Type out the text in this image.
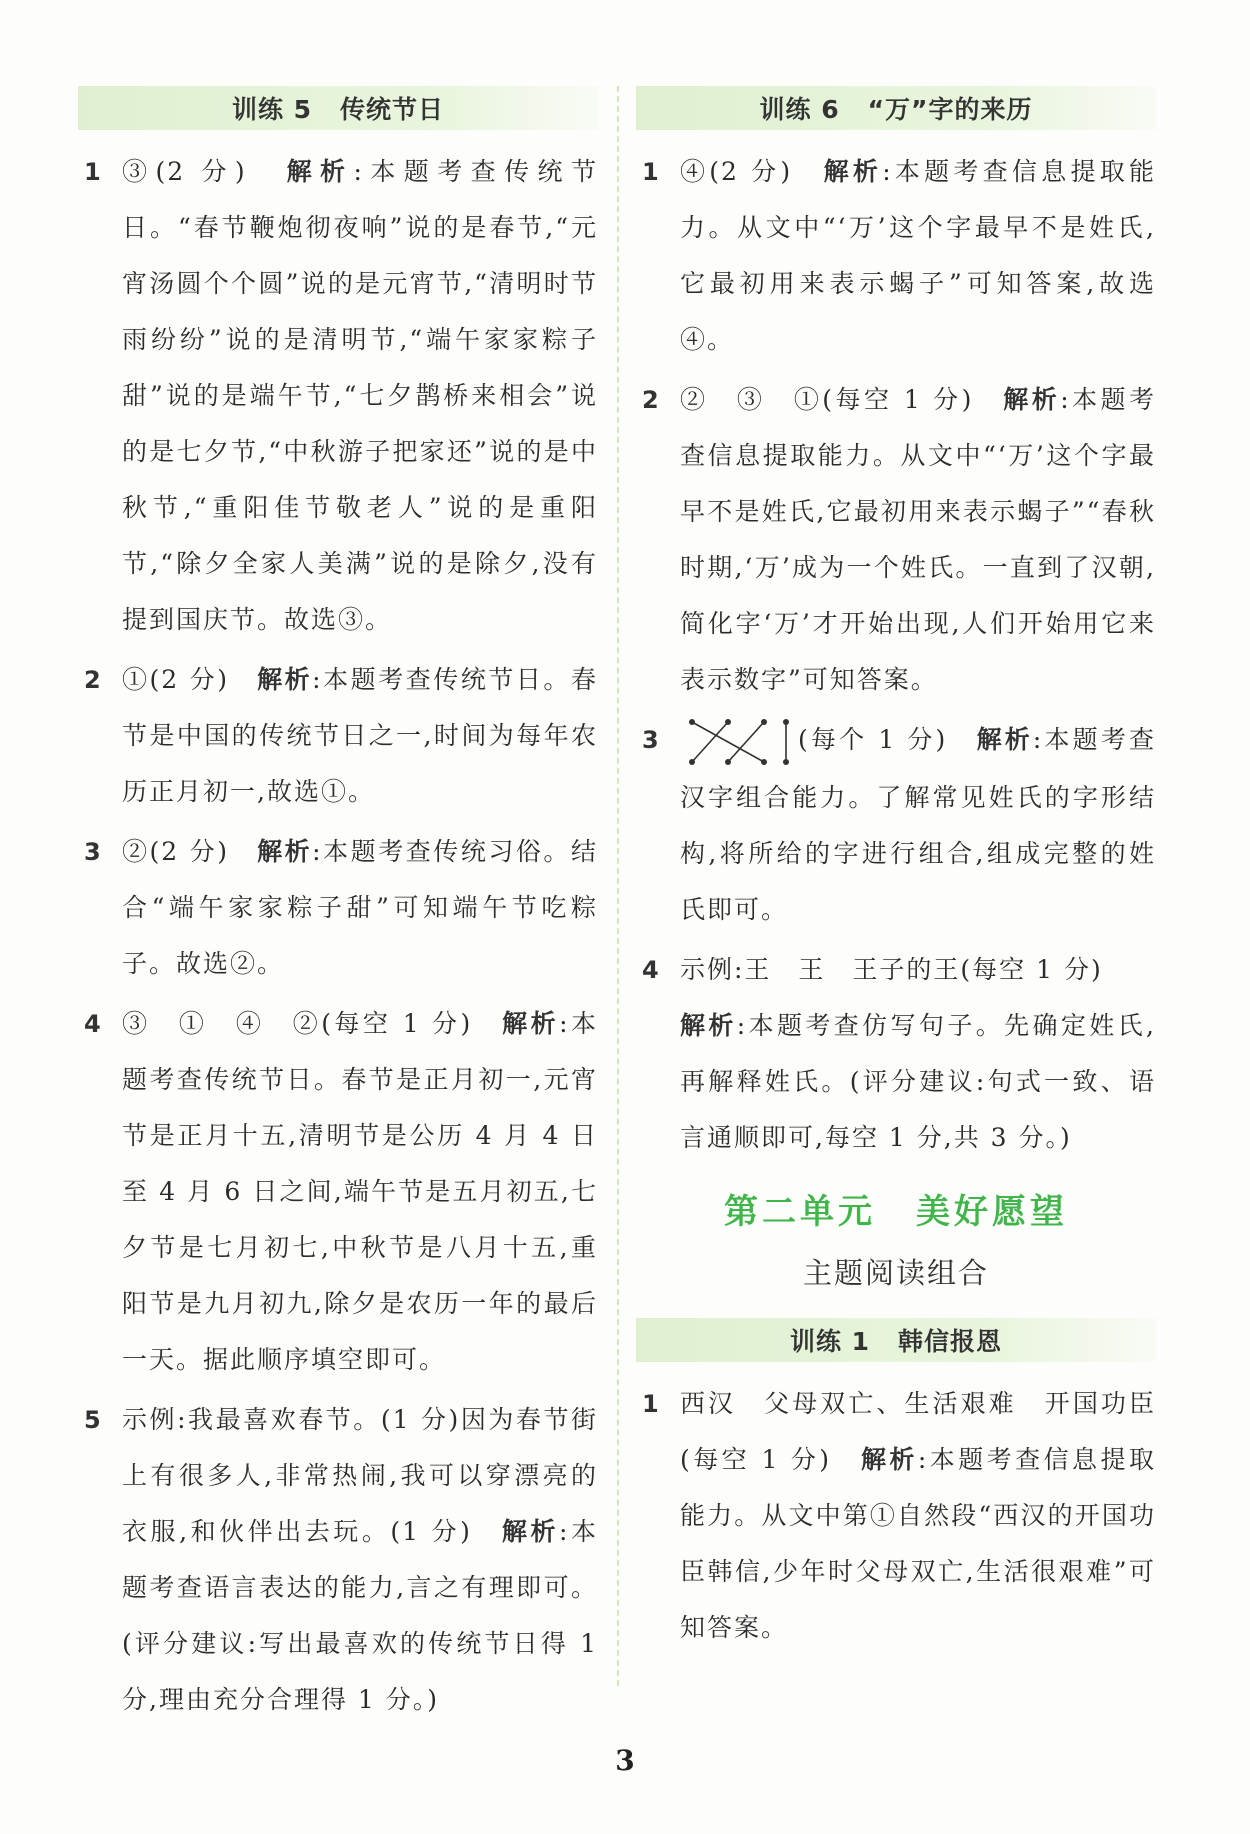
训练 5 传统节日
1 ③(2 分)　解析:本题考查传统节日。“春节鞭炮彻夜响”说的是春节,“元宵汤圆个个圆”说的是元宵节,“清明时节雨纷纷”说的是清明节,“端午家家粽子甜”说的是端午节,“七夕鹊桥来相会”说的是七夕节,“中秋游子把家还”说的是中秋节,“重阳佳节敬老人”说的是重阳节,“除夕全家人美满”说的是除夕,没有提到国庆节。故选③。
2 ①(2 分)　解析:本题考查传统节日。春节是中国的传统节日之一,时间为每年农历正月初一,故选①。
3 ②(2 分)　解析:本题考查传统习俗。结合“端午家家粽子甜”可知端午节吃粽子。故选②。
4 ③　①　④　②(每空 1 分)　解析:本题考查传统节日。春节是正月初一,元宵节是正月十五,清明节是公历 4 月 4 日至 4 月 6 日之间,端午节是五月初五,七夕节是七月初七,中秋节是八月十五,重阳节是九月初九,除夕是农历一年的最后一天。据此顺序填空即可。
5 示例:我最喜欢春节。(1 分)因为春节街上有很多人,非常热闹,我可以穿漂亮的衣服,和伙伴出去玩。(1 分)　解析:本题考查语言表达的能力,言之有理即可。(评分建议:写出最喜欢的传统节日得 1 分,理由充分合理得 1 分。)
训练 6 “万”字的来历
1 ④(2 分)　解析:本题考查信息提取能力。从文中“‘万’这个字最早不是姓氏,它最初用来表示蝎子”可知答案,故选④。
2 ②　③　①(每空 1 分)　解析:本题考查信息提取能力。从文中“‘万’这个字最早不是姓氏,它最初用来表示蝎子”“春秋时期,‘万’成为一个姓氏。一直到了汉朝,简化字‘万’才开始出现,人们开始用它来表示数字”可知答案。
3	(每个 1 分)　解析:本题考查汉字组合能力。了解常见姓氏的字形结构,将所给的字进行组合,组成完整的姓氏即可。
4 示例:王　王　王子的王(每空 1 分)
解析:本题考查仿写句子。先确定姓氏,再解释姓氏。(评分建议:句式一致、语言通顺即可,每空 1 分,共 3 分。)
第二单元 美好愿望
主题阅读组合
训练 1 韩信报恩
1 西汉　父母双亡、生活艰难　开国功臣(每空 1 分)　解析:本题考查信息提取能力。从文中第①自然段“西汉的开国功臣韩信,少年时父母双亡,生活很艰难”可知答案。
3
